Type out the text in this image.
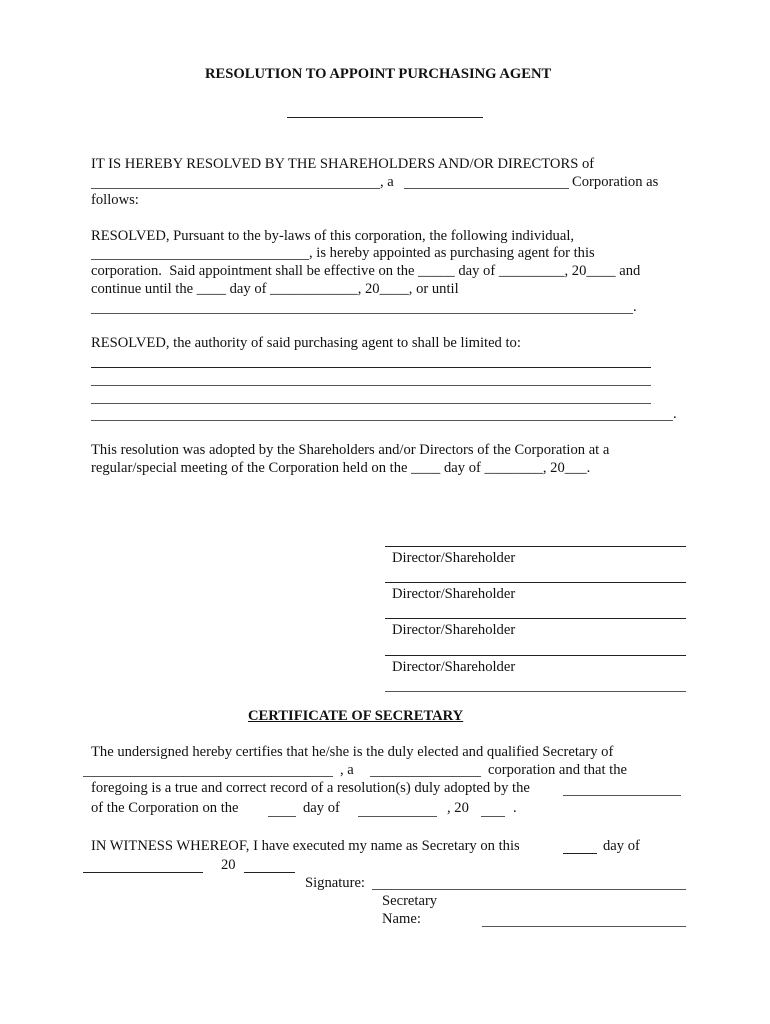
RESOLUTION TO APPOINT PURCHASING AGENT
IT IS HEREBY RESOLVED BY THE SHAREHOLDERS AND/OR DIRECTORS of
, a	Corporation as
follows:
RESOLVED, Pursuant to the by-laws of this corporation, the following individual,
, is hereby appointed as purchasing agent for this
corporation.  Said appointment shall be effective on the _____ day of _________, 20____ and
continue until the ____ day of ____________, 20____, or until
.
RESOLVED, the authority of said purchasing agent to shall be limited to:
.
This resolution was adopted by the Shareholders and/or Directors of the Corporation at a
regular/special meeting of the Corporation held on the ____ day of ________, 20___.
Director/Shareholder
Director/Shareholder
Director/Shareholder
Director/Shareholder
CERTIFICATE OF SECRETARY
The undersigned hereby certifies that he/she is the duly elected and qualified Secretary of
, a	corporation and that the
foregoing is a true and correct record of a resolution(s) duly adopted by the
of the Corporation on the	day of	, 20	.
IN WITNESS WHEREOF, I have executed my name as Secretary on this	day of
20
Signature:
Secretary
Name:
